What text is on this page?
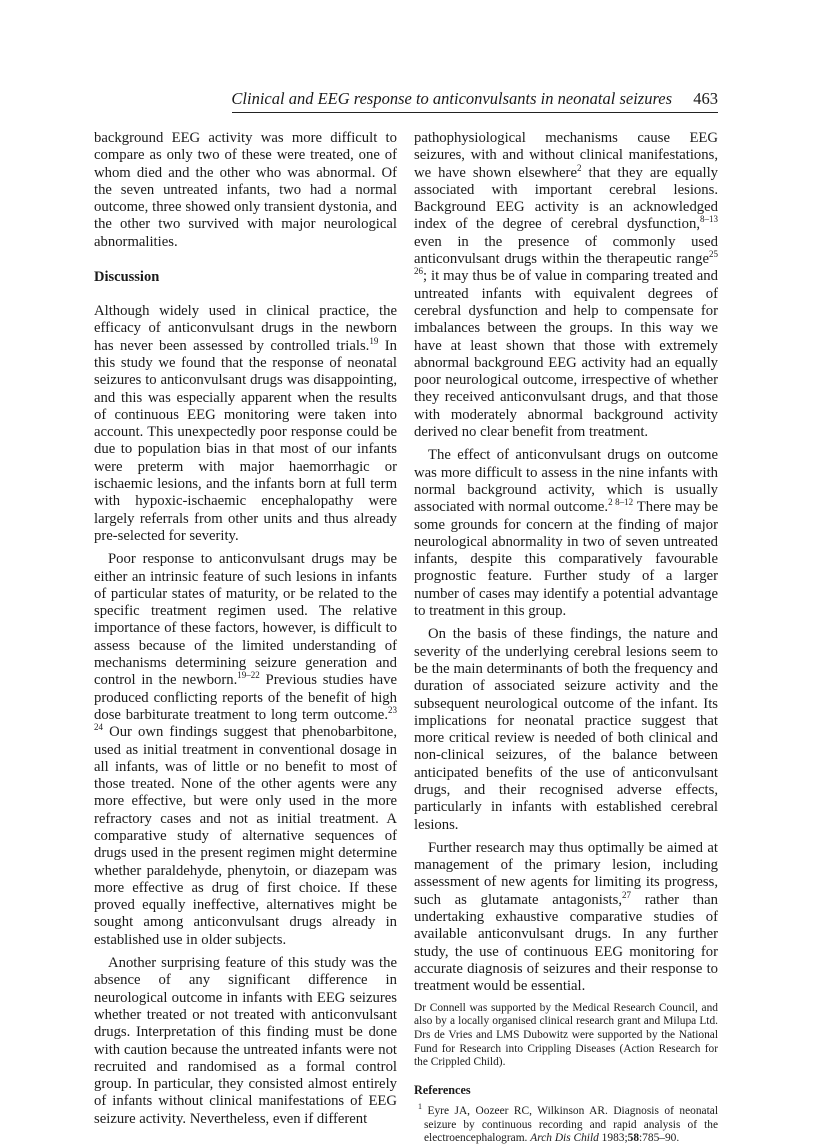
Clinical and EEG response to anticonvulsants in neonatal seizures 463

background EEG activity was more difficult to compare as only two of these were treated, one of whom died and the other who was abnormal. Of the seven untreated infants, two had a normal outcome, three showed only transient dystonia, and the other two survived with major neurological abnormalities.

Discussion

Although widely used in clinical practice, the efficacy of anticonvulsant drugs in the newborn has never been assessed by controlled trials.$^{19}$ In this study we found that the response of neonatal seizures to anticonvulsant drugs was disappointing, and this was especially apparent when the results of continuous EEG monitoring were taken into account. This unexpectedly poor response could be due to population bias in that most of our infants were preterm with major haemorrhagic or ischaemic lesions, and the infants born at full term with hypoxic-ischaemic encephalopathy were largely referrals from other units and thus already pre-selected for severity.

Poor response to anticonvulsant drugs may be either an intrinsic feature of such lesions in infants of particular states of maturity, or be related to the specific treatment regimen used. The relative importance of these factors, however, is difficult to assess because of the limited understanding of mechanisms determining seizure generation and control in the newborn.$^{19-22}$ Previous studies have produced conflicting reports of the benefit of high dose barbiturate treatment to long term outcome.$^{23 24}$ Our own findings suggest that phenobarbitone, used as initial treatment in conventional dosage in all infants, was of little or no benefit to most of those treated. None of the other agents were any more effective, but were only used in the more refractory cases and not as initial treatment. A comparative study of alternative sequences of drugs used in the present regimen might determine whether paraldehyde, phenytoin, or diazepam was more effective as drug of first choice. If these proved equally ineffective, alternatives might be sought among anticonvulsant drugs already in established use in older subjects.

Another surprising feature of this study was the absence of any significant difference in neurological outcome in infants with EEG seizures whether treated or not treated with anticonvulsant drugs. Interpretation of this finding must be done with caution because the untreated infants were not recruited and randomised as a formal control group. In particular, they consisted almost entirely of infants without clinical manifestations of EEG seizure activity. Nevertheless, even if different

pathophysiological mechanisms cause EEG seizures, with and without clinical manifestations, we have shown elsewhere$^2$ that they are equally associated with important cerebral lesions. Background EEG activity is an acknowledged index of the degree of cerebral dysfunction,$^{8-13}$ even in the presence of commonly used anticonvulsant drugs within the therapeutic range$^{25 26}$; it may thus be of value in comparing treated and untreated infants with equivalent degrees of cerebral dysfunction and help to compensate for imbalances between the groups. In this way we have at least shown that those with extremely abnormal background EEG activity had an equally poor neurological outcome, irrespective of whether they received anticonvulsant drugs, and that those with moderately abnormal background activity derived no clear benefit from treatment.

The effect of anticonvulsant drugs on outcome was more difficult to assess in the nine infants with normal background activity, which is usually associated with normal outcome.$^{2 8-12}$ There may be some grounds for concern at the finding of major neurological abnormality in two of seven untreated infants, despite this comparatively favourable prognostic feature. Further study of a larger number of cases may identify a potential advantage to treatment in this group.

On the basis of these findings, the nature and severity of the underlying cerebral lesions seem to be the main determinants of both the frequency and duration of associated seizure activity and the subsequent neurological outcome of the infant. Its implications for neonatal practice suggest that more critical review is needed of both clinical and non-clinical seizures, of the balance between anticipated benefits of the use of anticonvulsant drugs, and their recognised adverse effects, particularly in infants with established cerebral lesions.

Further research may thus optimally be aimed at management of the primary lesion, including assessment of new agents for limiting its progress, such as glutamate antagonists,$^{27}$ rather than undertaking exhaustive comparative studies of available anticonvulsant drugs. In any further study, the use of continuous EEG monitoring for accurate diagnosis of seizures and their response to treatment would be essential.

Dr Connell was supported by the Medical Research Council, and also by a locally organised clinical research grant and Milupa Ltd. Drs de Vries and LMS Dubowitz were supported by the National Fund for Research into Crippling Diseases (Action Research for the Crippled Child).

References

$^1$ Eyre JA, Oozeer RC, Wilkinson AR. Diagnosis of neonatal seizure by continuous recording and rapid analysis of the electroencephalogram. Arch Dis Child 1983;58:785–90.
